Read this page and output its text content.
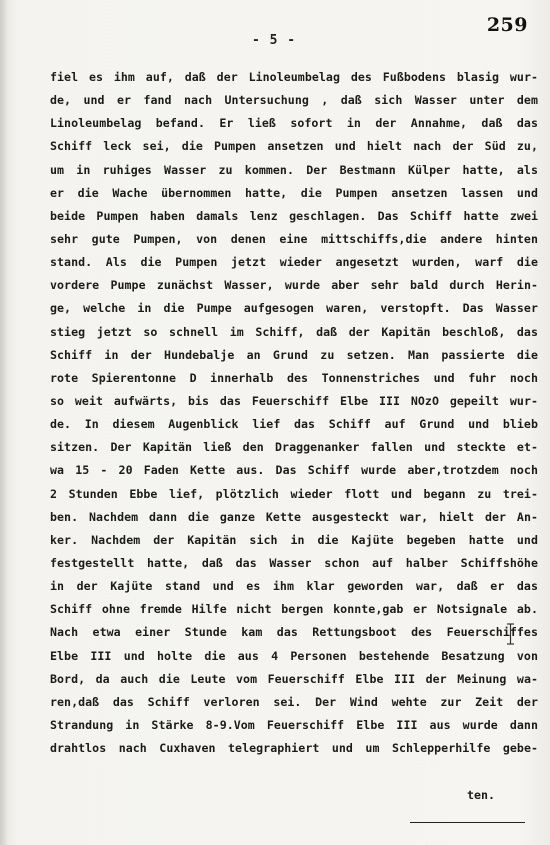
259
- 5 -
fiel es ihm auf, daß der Linoleumbelag des Fußbodens blasig wur-
de, und er fand nach Untersuchung , daß sich Wasser unter dem
Linoleumbelag befand. Er ließ sofort in der Annahme, daß das
Schiff leck sei, die Pumpen ansetzen und hielt nach der Süd zu,
um in ruhiges Wasser zu kommen. Der Bestmann Külper hatte, als
er die Wache übernommen hatte, die Pumpen ansetzen lassen und
beide Pumpen haben damals lenz geschlagen. Das Schiff hatte zwei
sehr gute Pumpen, von denen eine mittschiffs,die andere hinten
stand. Als die Pumpen jetzt wieder angesetzt wurden, warf die
vordere Pumpe zunächst Wasser, wurde aber sehr bald durch Herin-
ge, welche in die Pumpe aufgesogen waren, verstopft. Das Wasser
stieg jetzt so schnell im Schiff, daß der Kapitän beschloß, das
Schiff in der Hundebalje an Grund zu setzen. Man passierte die
rote Spierentonne D innerhalb des Tonnenstriches und fuhr noch
so weit aufwärts, bis das Feuerschiff Elbe III NOzO gepeilt wur-
de. In diesem Augenblick lief das Schiff auf Grund und blieb
sitzen. Der Kapitän ließ den Draggenanker fallen und steckte et-
wa 15 - 20 Faden Kette aus. Das Schiff wurde aber,trotzdem noch
2 Stunden Ebbe lief, plötzlich wieder flott und begann zu trei-
ben. Nachdem dann die ganze Kette ausgesteckt war, hielt der An-
ker. Nachdem der Kapitän sich in die Kajüte begeben hatte und
festgestellt hatte, daß das Wasser schon auf halber Schiffshöhe
in der Kajüte stand und es ihm klar geworden war, daß er das
Schiff ohne fremde Hilfe nicht bergen konnte,gab er Notsignale ab.
Nach etwa einer Stunde kam das Rettungsboot des Feuerschiffes
Elbe III und holte die aus 4 Personen bestehende Besatzung von
Bord, da auch die Leute vom Feuerschiff Elbe III der Meinung wa-
ren,daß das Schiff verloren sei. Der Wind wehte zur Zeit der
Strandung in Stärke 8-9.Vom Feuerschiff Elbe III aus wurde dann
drahtlos nach Cuxhaven telegraphiert und um Schlepperhilfe gebe-
ten.
